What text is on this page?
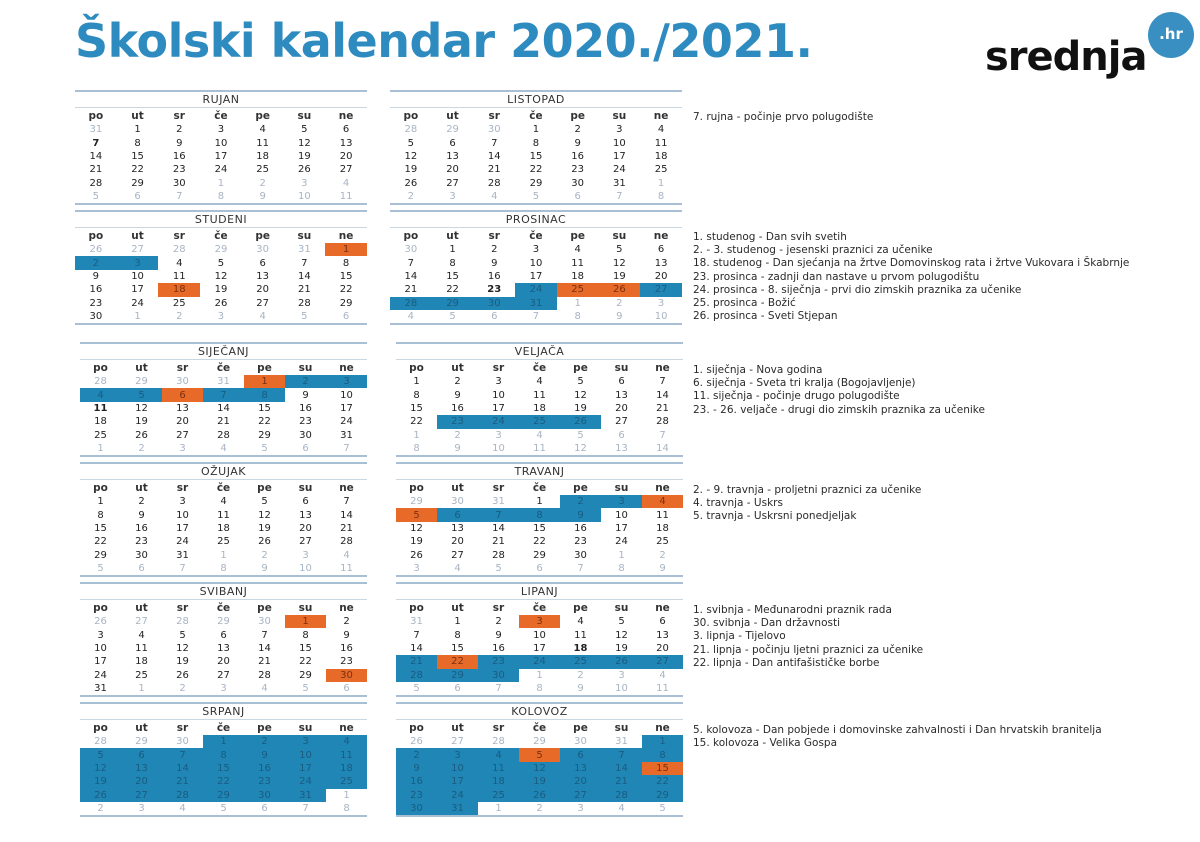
Školski kalendar 2020./2021.	srednja .hr
RUJAN
po	ut	sr	če	pe	su	ne
31	1	2	3	4	5	6
7	8	9	10	11	12	13
14	15	16	17	18	19	20
21	22	23	24	25	26	27
28	29	30	1	2	3	4
5	6	7	8	9	10	11
LISTOPAD
po	ut	sr	če	pe	su	ne
28	29	30	1	2	3	4
5	6	7	8	9	10	11
12	13	14	15	16	17	18
19	20	21	22	23	24	25
26	27	28	29	30	31	1
2	3	4	5	6	7	8
STUDENI
po	ut	sr	če	pe	su	ne
26	27	28	29	30	31	1
2	3	4	5	6	7	8
9	10	11	12	13	14	15
16	17	18	19	20	21	22
23	24	25	26	27	28	29
30	1	2	3	4	5	6
PROSINAC
po	ut	sr	če	pe	su	ne
30	1	2	3	4	5	6
7	8	9	10	11	12	13
14	15	16	17	18	19	20
21	22	23	24	25	26	27
28	29	30	31	1	2	3
4	5	6	7	8	9	10
SIJEČANJ
po	ut	sr	če	pe	su	ne
28	29	30	31	1	2	3
4	5	6	7	8	9	10
11	12	13	14	15	16	17
18	19	20	21	22	23	24
25	26	27	28	29	30	31
1	2	3	4	5	6	7
VELJAČA
po	ut	sr	če	pe	su	ne
1	2	3	4	5	6	7
8	9	10	11	12	13	14
15	16	17	18	19	20	21
22	23	24	25	26	27	28
1	2	3	4	5	6	7
8	9	10	11	12	13	14
OŽUJAK
po	ut	sr	če	pe	su	ne
1	2	3	4	5	6	7
8	9	10	11	12	13	14
15	16	17	18	19	20	21
22	23	24	25	26	27	28
29	30	31	1	2	3	4
5	6	7	8	9	10	11
TRAVANJ
po	ut	sr	če	pe	su	ne
29	30	31	1	2	3	4
5	6	7	8	9	10	11
12	13	14	15	16	17	18
19	20	21	22	23	24	25
26	27	28	29	30	1	2
3	4	5	6	7	8	9
SVIBANJ
po	ut	sr	če	pe	su	ne
26	27	28	29	30	1	2
3	4	5	6	7	8	9
10	11	12	13	14	15	16
17	18	19	20	21	22	23
24	25	26	27	28	29	30
31	1	2	3	4	5	6
LIPANJ
po	ut	sr	če	pe	su	ne
31	1	2	3	4	5	6
7	8	9	10	11	12	13
14	15	16	17	18	19	20
21	22	23	24	25	26	27
28	29	30	1	2	3	4
5	6	7	8	9	10	11
SRPANJ
po	ut	sr	če	pe	su	ne
28	29	30	1	2	3	4
5	6	7	8	9	10	11
12	13	14	15	16	17	18
19	20	21	22	23	24	25
26	27	28	29	30	31	1
2	3	4	5	6	7	8
KOLOVOZ
po	ut	sr	če	pe	su	ne
26	27	28	29	30	31	1
2	3	4	5	6	7	8
9	10	11	12	13	14	15
16	17	18	19	20	21	22
23	24	25	26	27	28	29
30	31	1	2	3	4	5
7. rujna - počinje prvo polugodište
1. studenog - Dan svih svetih
2. - 3. studenog - jesenski praznici za učenike
18. studenog - Dan sjećanja na žrtve Domovinskog rata i žrtve Vukovara i Škabrnje
23. prosinca - zadnji dan nastave u prvom polugodištu
24. prosinca - 8. siječnja - prvi dio zimskih praznika za učenike
25. prosinca - Božić
26. prosinca - Sveti Stjepan
1. siječnja - Nova godina
6. siječnja - Sveta tri kralja (Bogojavljenje)
11. siječnja - počinje drugo polugodište
23. - 26. veljače - drugi dio zimskih praznika za učenike
2. - 9. travnja - proljetni praznici za učenike
4. travnja - Uskrs
5. travnja - Uskrsni ponedjeljak
1. svibnja - Međunarodni praznik rada
30. svibnja - Dan državnosti
3. lipnja - Tijelovo
21. lipnja - počinju ljetni praznici za učenike
22. lipnja - Dan antifašističke borbe
5. kolovoza - Dan pobjede i domovinske zahvalnosti i Dan hrvatskih branitelja
15. kolovoza - Velika Gospa
